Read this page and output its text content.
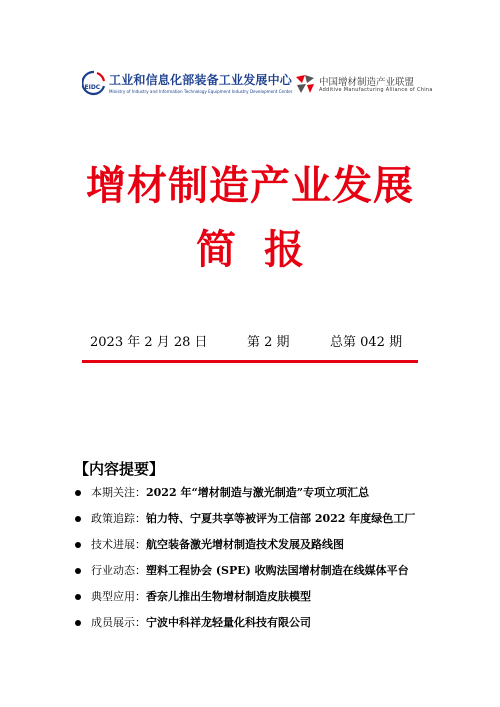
EIDC
工业和信息化部装备工业发展中心
Ministry of Industry and Information Technology Equipment Industry Development Center
中国增材制造产业联盟
Additive Manufacturing Alliance of China
增材制造产业发展
简 报
2023 年 2 月 28 日	第 2 期	总第 042 期
【内容提要】
本期关注：2022 年“增材制造与激光制造”专项立项汇总
政策追踪：铂力特、宁夏共享等被评为工信部 2022 年度绿色工厂
技术进展：航空装备激光增材制造技术发展及路线图
行业动态：塑料工程协会 (SPE) 收购法国增材制造在线媒体平台
典型应用：香奈儿推出生物增材制造皮肤模型
成员展示：宁波中科祥龙轻量化科技有限公司
